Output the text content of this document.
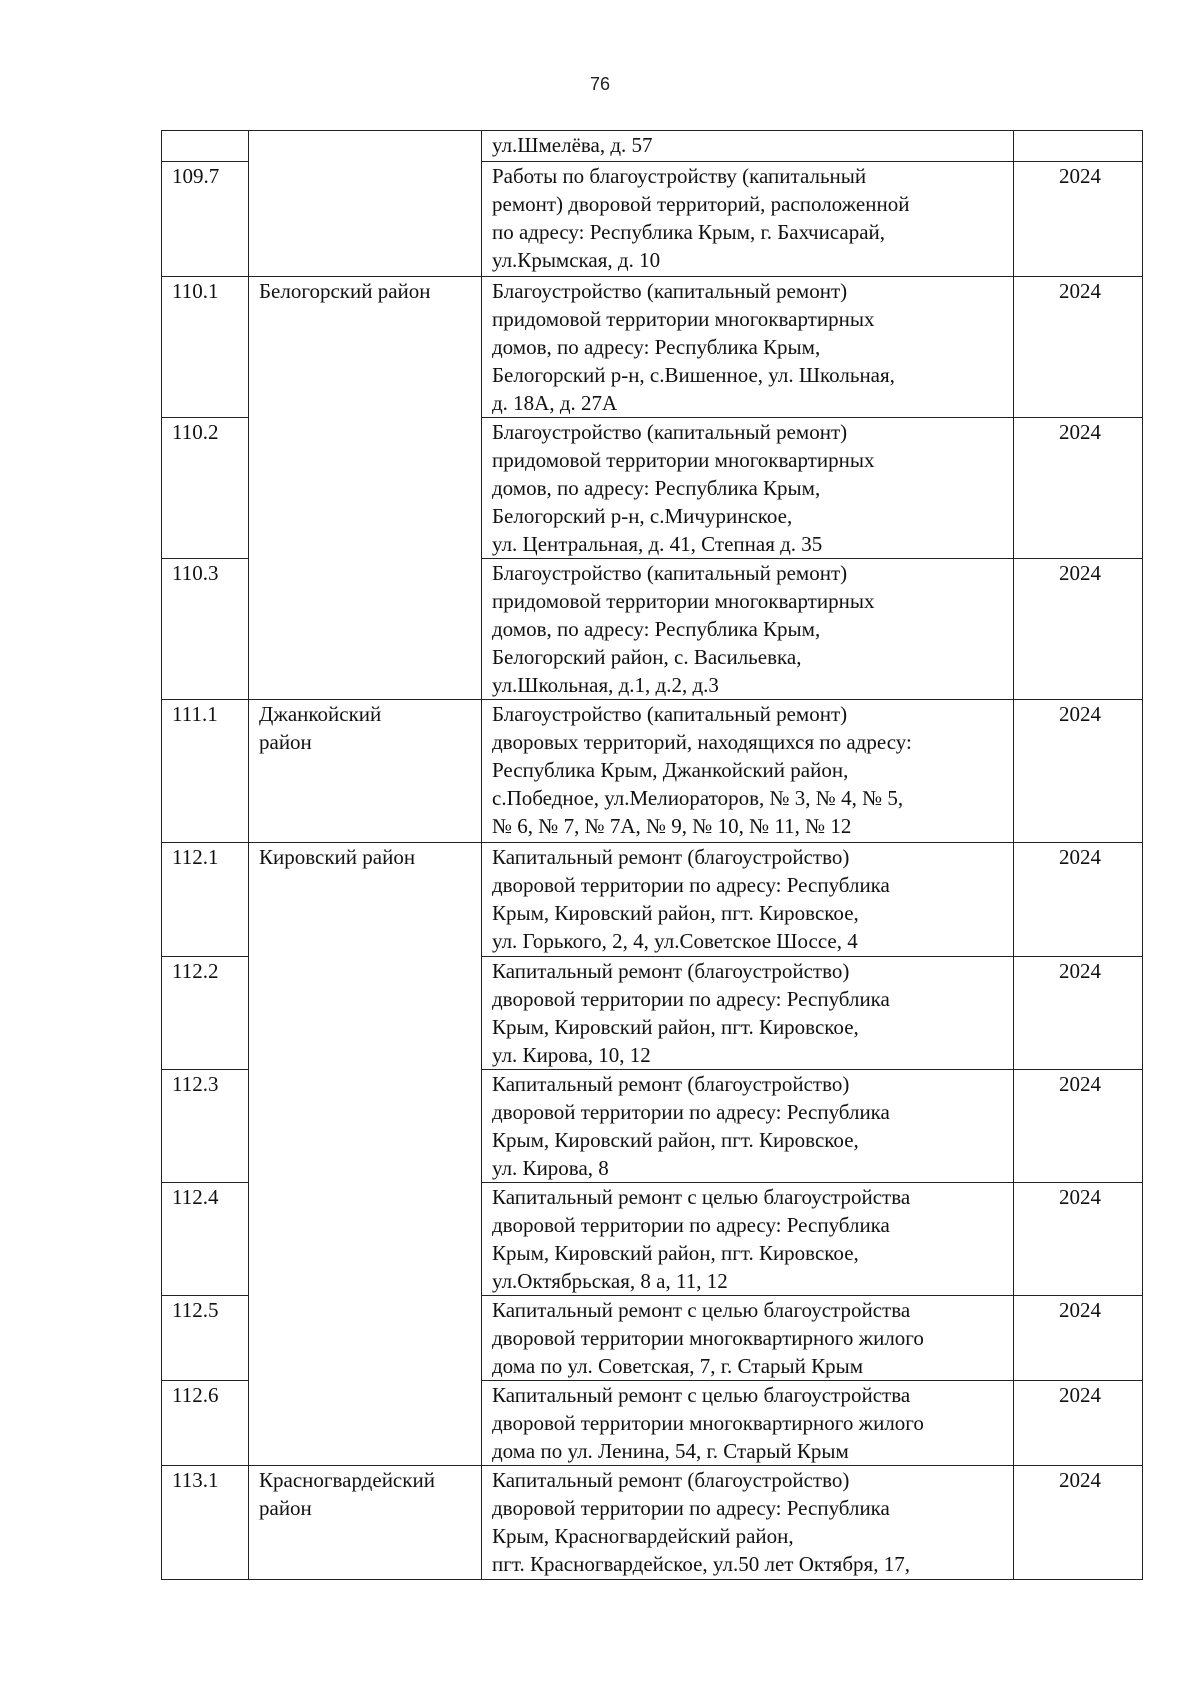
76
		ул.Шмелёва, д. 57	
109.7		Работы по благоустройству (капитальный
ремонт) дворовой территорий, расположенной
по адресу: Республика Крым, г. Бахчисарай,
ул.Крымская, д. 10	2024
110.1	Белогорский район	Благоустройство (капитальный ремонт)
придомовой территории многоквартирных
домов, по адресу: Республика Крым,
Белогорский р-н, с.Вишенное, ул. Школьная,
д. 18А, д. 27А	2024
110.2		Благоустройство (капитальный ремонт)
придомовой территории многоквартирных
домов, по адресу: Республика Крым,
Белогорский р-н, с.Мичуринское,
ул. Центральная, д. 41, Степная д. 35	2024
110.3		Благоустройство (капитальный ремонт)
придомовой территории многоквартирных
домов, по адресу: Республика Крым,
Белогорский район, с. Васильевка,
ул.Школьная, д.1, д.2, д.3	2024
111.1	Джанкойский
район	Благоустройство (капитальный ремонт)
дворовых территорий, находящихся по адресу:
Республика Крым, Джанкойский район,
с.Победное, ул.Мелиораторов, № 3, № 4, № 5,
№ 6, № 7, № 7А, № 9, № 10, № 11, № 12	2024
112.1	Кировский район	Капитальный ремонт (благоустройство)
дворовой территории по адресу: Республика
Крым, Кировский район, пгт. Кировское,
ул. Горького, 2, 4, ул.Советское Шоссе, 4	2024
112.2		Капитальный ремонт (благоустройство)
дворовой территории по адресу: Республика
Крым, Кировский район, пгт. Кировское,
ул. Кирова, 10, 12	2024
112.3		Капитальный ремонт (благоустройство)
дворовой территории по адресу: Республика
Крым, Кировский район, пгт. Кировское,
ул. Кирова, 8	2024
112.4		Капитальный ремонт с целью благоустройства
дворовой территории по адресу: Республика
Крым, Кировский район, пгт. Кировское,
ул.Октябрьская, 8 а, 11, 12	2024
112.5		Капитальный ремонт с целью благоустройства
дворовой территории многоквартирного жилого
дома по ул. Советская, 7, г. Старый Крым	2024
112.6		Капитальный ремонт с целью благоустройства
дворовой территории многоквартирного жилого
дома по ул. Ленина, 54, г. Старый Крым	2024
113.1	Красногвардейский
район	Капитальный ремонт (благоустройство)
дворовой территории по адресу: Республика
Крым, Красногвардейский район,
пгт. Красногвардейское, ул.50 лет Октября, 17,	2024
